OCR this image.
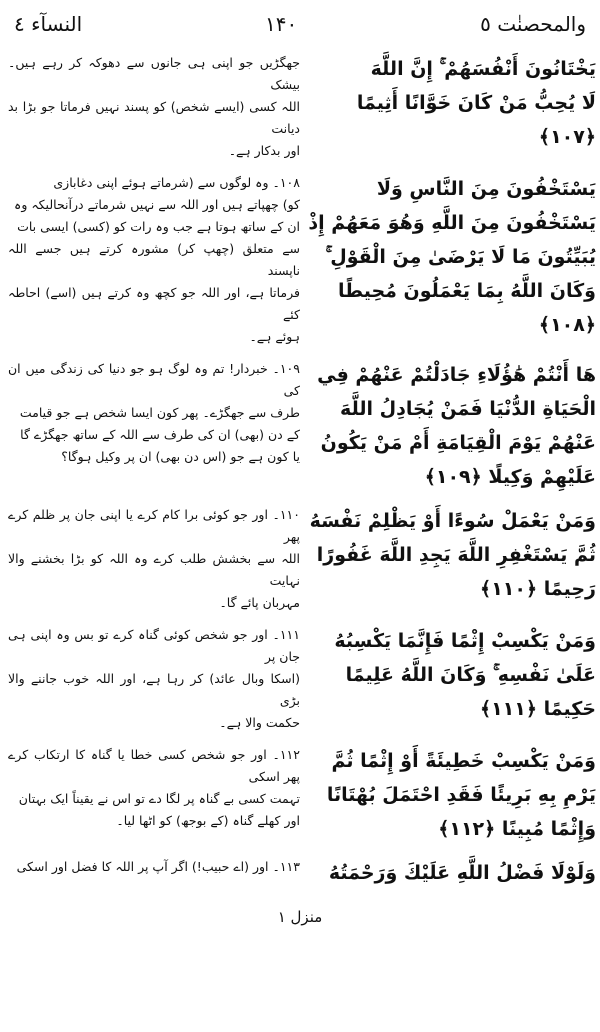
والمحصنٰت ٥
۱۴۰
النسآء ٤
يَخْتَانُونَ أَنْفُسَهُمْ ۚ إِنَّ اللَّهَ
لَا يُحِبُّ مَنْ كَانَ خَوَّانًا أَثِيمًا ﴿١٠٧﴾
جھگڑیں جو اپنی ہی جانوں سے دھوکہ کر رہے ہیں۔ بیشک
اللہ کسی (ایسے شخص) کو پسند نہیں فرماتا جو بڑا بد دیانت
اور بدکار ہے۔
يَسْتَخْفُونَ مِنَ النَّاسِ وَلَا
يَسْتَخْفُونَ مِنَ اللَّهِ وَهُوَ مَعَهُمْ إِذْ
يُبَيِّتُونَ مَا لَا يَرْضَىٰ مِنَ الْقَوْلِ ۚ
وَكَانَ اللَّهُ بِمَا يَعْمَلُونَ مُحِيطًا ﴿١٠٨﴾
۱۰۸۔ وہ لوگوں سے (شرماتے ہوئے اپنی دغابازی
کو) چھپاتے ہیں اور اللہ سے نہیں شرماتے درآنحالیکہ وہ
ان کے ساتھ ہوتا ہے جب وہ رات کو (کسی) ایسی بات
سے متعلق (چھپ کر) مشورہ کرتے ہیں جسے اللہ ناپسند
فرماتا ہے، اور اللہ جو کچھ وہ کرتے ہیں (اسے) احاطہ کئے
ہوئے ہے۔
هَا أَنْتُمْ هَٰؤُلَاءِ جَادَلْتُمْ عَنْهُمْ فِي
الْحَيَاةِ الدُّنْيَا فَمَنْ يُجَادِلُ اللَّهَ
عَنْهُمْ يَوْمَ الْقِيَامَةِ أَمْ مَنْ يَكُونُ
عَلَيْهِمْ وَكِيلًا ﴿١٠٩﴾
۱۰۹۔ خبردار! تم وہ لوگ ہو جو دنیا کی زندگی میں ان کی
طرف سے جھگڑے۔ پھر کون ایسا شخص ہے جو قیامت
کے دن (بھی) ان کی طرف سے اللہ کے ساتھ جھگڑے گا
یا کون ہے جو (اس دن بھی) ان پر وکیل ہوگا؟
وَمَنْ يَعْمَلْ سُوءًا أَوْ يَظْلِمْ نَفْسَهُ
ثُمَّ يَسْتَغْفِرِ اللَّهَ يَجِدِ اللَّهَ غَفُورًا
رَحِيمًا ﴿١١٠﴾
۱۱۰۔ اور جو کوئی برا کام کرے یا اپنی جان پر ظلم کرے پھر
اللہ سے بخشش طلب کرے وہ اللہ کو بڑا بخشنے والا نہایت
مہربان پائے گا۔
وَمَنْ يَكْسِبْ إِثْمًا فَإِنَّمَا يَكْسِبُهُ
عَلَىٰ نَفْسِهِ ۚ وَكَانَ اللَّهُ عَلِيمًا
حَكِيمًا ﴿١١١﴾
۱۱۱۔ اور جو شخص کوئی گناہ کرے تو بس وہ اپنی ہی جان پر
(اسکا وبال عائد) کر رہا ہے، اور اللہ خوب جاننے والا بڑی
حکمت والا ہے۔
وَمَنْ يَكْسِبْ خَطِيئَةً أَوْ إِثْمًا ثُمَّ
يَرْمِ بِهِ بَرِيئًا فَقَدِ احْتَمَلَ بُهْتَانًا
وَإِثْمًا مُبِينًا ﴿١١٢﴾
۱۱۲۔ اور جو شخص کسی خطا یا گناہ کا ارتکاب کرے پھر اسکی
تہمت کسی بے گناہ پر لگا دے تو اس نے یقیناً ایک بہتان
اور کھلے گناہ (کے بوجھ) کو اٹھا لیا۔
وَلَوْلَا فَضْلُ اللَّهِ عَلَيْكَ وَرَحْمَتُهُ
۱۱۳۔ اور (اے حبیب!) اگر آپ پر اللہ کا فضل اور اسکی
منزل ۱
